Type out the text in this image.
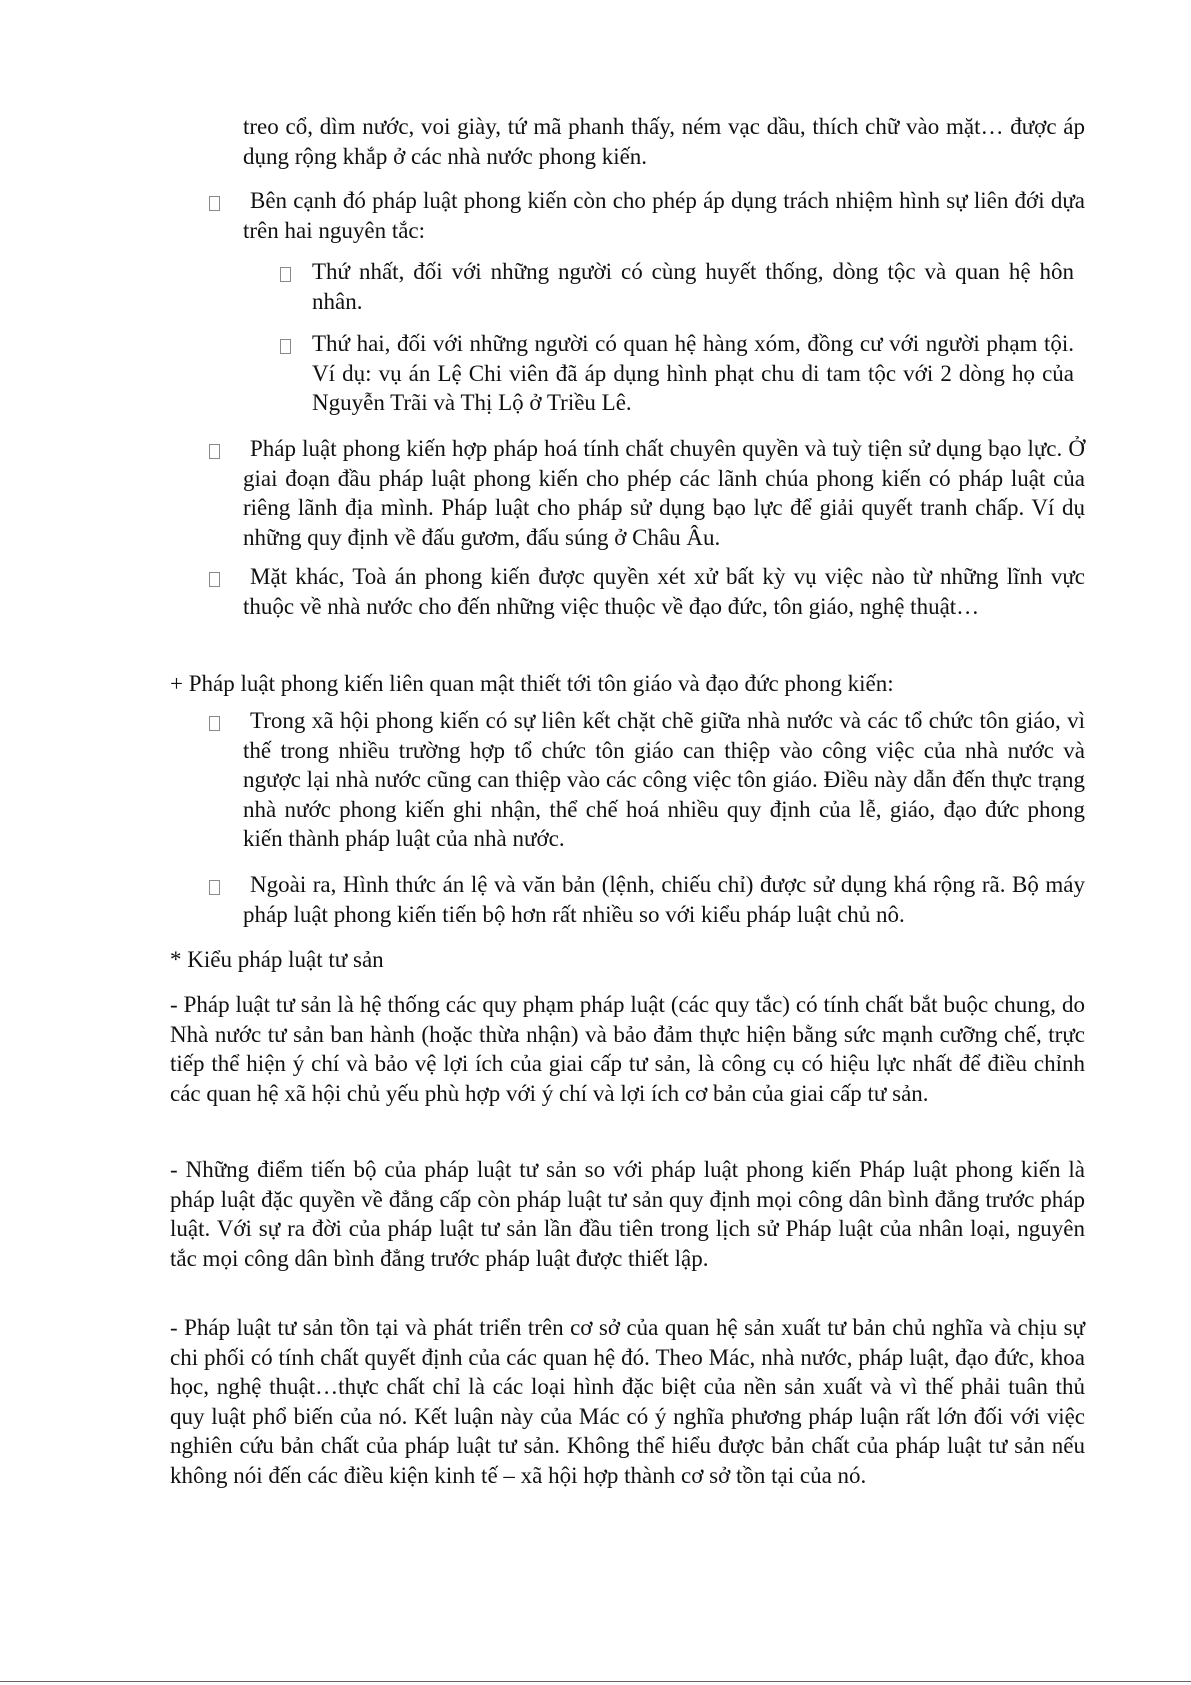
treo cổ, dìm nước, voi giày, tứ mã phanh thấy, ném vạc dầu, thích chữ vào mặt… được áp dụng rộng khắp ở các nhà nước phong kiến.

Bên cạnh đó pháp luật phong kiến còn cho phép áp dụng trách nhiệm hình sự liên đới dựa trên hai nguyên tắc:

Thứ nhất, đối với những người có cùng huyết thống, dòng tộc và quan hệ hôn nhân.

Thứ hai, đối với những người có quan hệ hàng xóm, đồng cư với người phạm tội. Ví dụ: vụ án Lệ Chi viên đã áp dụng hình phạt chu di tam tộc với 2 dòng họ của Nguyễn Trãi và Thị Lộ ở Triều Lê.

Pháp luật phong kiến hợp pháp hoá tính chất chuyên quyền và tuỳ tiện sử dụng bạo lực. Ở giai đoạn đầu pháp luật phong kiến cho phép các lãnh chúa phong kiến có pháp luật của riêng lãnh địa mình. Pháp luật cho pháp sử dụng bạo lực để giải quyết tranh chấp. Ví dụ những quy định về đấu gươm, đấu súng ở Châu Âu.

Mặt khác, Toà án phong kiến được quyền xét xử bất kỳ vụ việc nào từ những lĩnh vực thuộc về nhà nước cho đến những việc thuộc về đạo đức, tôn giáo, nghệ thuật…

+ Pháp luật phong kiến liên quan mật thiết tới tôn giáo và đạo đức phong kiến:

Trong xã hội phong kiến có sự liên kết chặt chẽ giữa nhà nước và các tổ chức tôn giáo, vì thế trong nhiều trường hợp tổ chức tôn giáo can thiệp vào công việc của nhà nước và ngược lại nhà nước cũng can thiệp vào các công việc tôn giáo. Điều này dẫn đến thực trạng nhà nước phong kiến ghi nhận, thể chế hoá nhiều quy định của lễ, giáo, đạo đức phong kiến thành pháp luật của nhà nước.

Ngoài ra, Hình thức án lệ và văn bản (lệnh, chiếu chỉ) được sử dụng khá rộng rã. Bộ máy pháp luật phong kiến tiến bộ hơn rất nhiều so với kiểu pháp luật chủ nô.

* Kiểu pháp luật tư sản

- Pháp luật tư sản là hệ thống các quy phạm pháp luật (các quy tắc) có tính chất bắt buộc chung, do Nhà nước tư sản ban hành (hoặc thừa nhận) và bảo đảm thực hiện bằng sức mạnh cưỡng chế, trực tiếp thể hiện ý chí và bảo vệ lợi ích của giai cấp tư sản, là công cụ có hiệu lực nhất để điều chỉnh các quan hệ xã hội chủ yếu phù hợp với ý chí và lợi ích cơ bản của giai cấp tư sản.

- Những điểm tiến bộ của pháp luật tư sản so với pháp luật phong kiến Pháp luật phong kiến là pháp luật đặc quyền về đẳng cấp còn pháp luật tư sản quy định mọi công dân bình đẳng trước pháp luật. Với sự ra đời của pháp luật tư sản lần đầu tiên trong lịch sử Pháp luật của nhân loại, nguyên tắc mọi công dân bình đẳng trước pháp luật được thiết lập.

- Pháp luật tư sản tồn tại và phát triển trên cơ sở của quan hệ sản xuất tư bản chủ nghĩa và chịu sự chi phối có tính chất quyết định của các quan hệ đó. Theo Mác, nhà nước, pháp luật, đạo đức, khoa học, nghệ thuật…thực chất chỉ là các loại hình đặc biệt của nền sản xuất và vì thế phải tuân thủ quy luật phổ biến của nó. Kết luận này của Mác có ý nghĩa phương pháp luận rất lớn đối với việc nghiên cứu bản chất của pháp luật tư sản. Không thể hiểu được bản chất của pháp luật tư sản nếu không nói đến các điều kiện kinh tế – xã hội hợp thành cơ sở tồn tại của nó.
